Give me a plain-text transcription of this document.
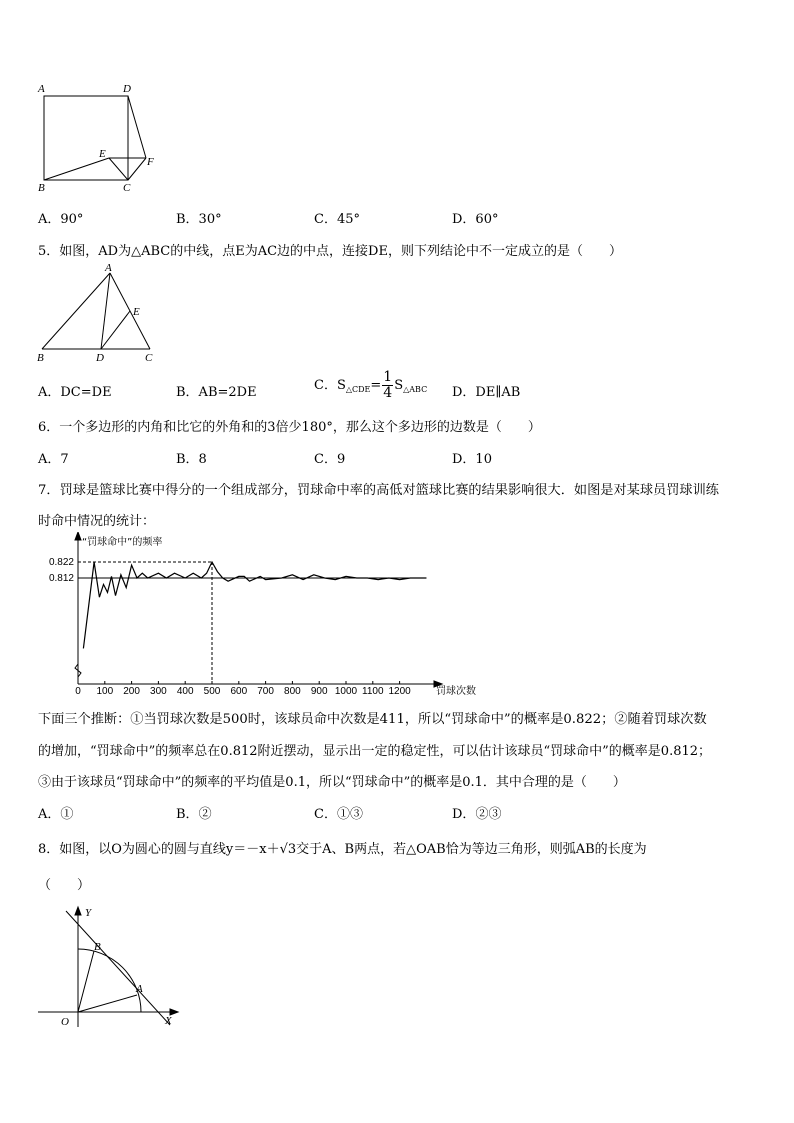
A	D
E
F
B	C
A．90°	B．30°	C．45°	D．60°
5．如图，AD为△ABC的中线，点E为AC边的中点，连接DE，则下列结论中不一定成立的是（　　）
A
E
B	D	C
A．DC=DE	B．AB=2DE	C．$S_{\triangle CDE}= \frac{1}{4} S_{\triangle ABC}$ D．DE∥AB
6．一个多边形的内角和比它的外角和的3倍少180°，那么这个多边形的边数是（　　）
A．7	B．8	C．9	D．10
7．罚球是篮球比赛中得分的一个组成部分，罚球命中率的高低对篮球比赛的结果影响很大．如图是对某球员罚球训练
时命中情况的统计：
“罚球命中”的频率
罚球次数
0 100 200 300 400 500 600 700 800 900 1000 1100 1200
0.822
0.812
下面三个推断：①当罚球次数是500时，该球员命中次数是411，所以“罚球命中”的概率是0.822；②随着罚球次数
的增加，“罚球命中”的频率总在0.812附近摆动，显示出一定的稳定性，可以估计该球员“罚球命中”的概率是0.812；
③由于该球员“罚球命中”的频率的平均值是0.1，所以“罚球命中”的概率是0.1．其中合理的是（　　）
A．①	B．②	C．①③	D．②③
8．如图，以O为圆心的圆与直线y＝－x＋√3交于A、B两点，若△OAB恰为等边三角形，则弧AB的长度为
（　　）
Y
B
A
O	X
